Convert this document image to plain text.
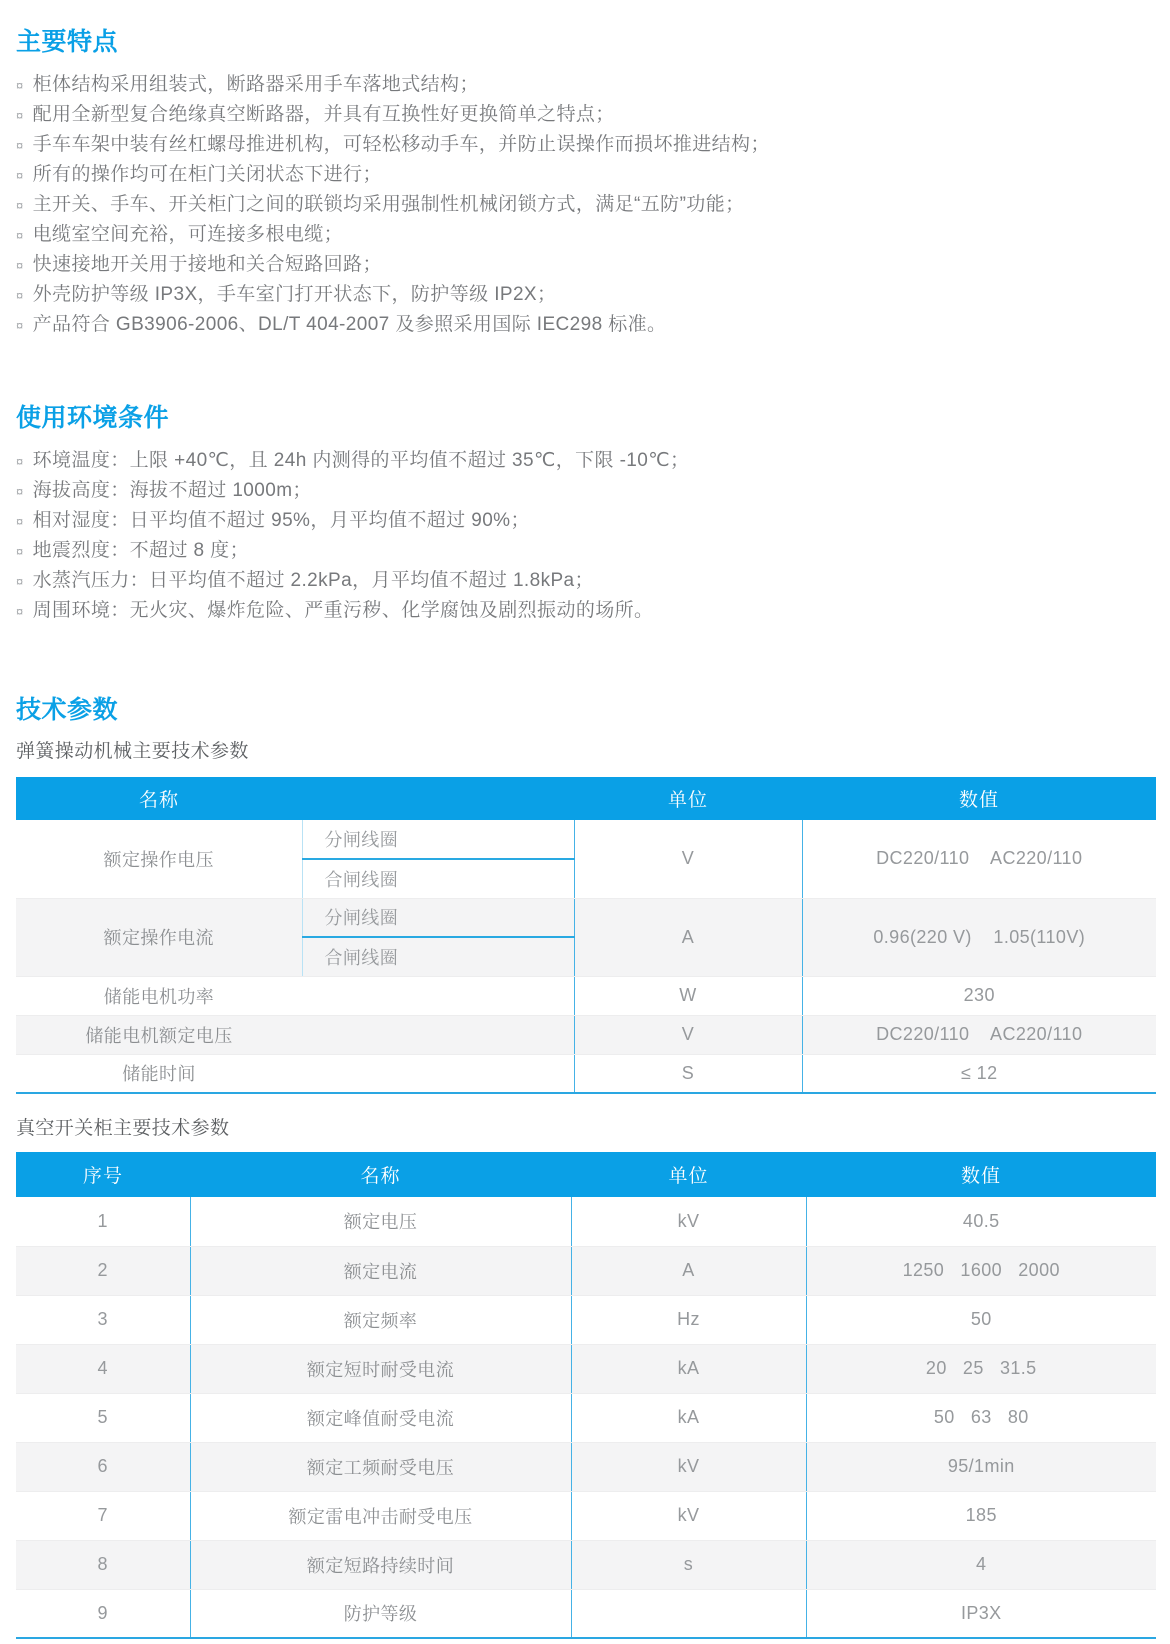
主要特点
¤ 柜体结构采用组装式，断路器采用手车落地式结构；
¤ 配用全新型复合绝缘真空断路器，并具有互换性好更换简单之特点；
¤ 手车车架中装有丝杠螺母推进机构，可轻松移动手车，并防止误操作而损坏推进结构；
¤ 所有的操作均可在柜门关闭状态下进行；
¤ 主开关、手车、开关柜门之间的联锁均采用强制性机械闭锁方式，满足“五防”功能；
¤ 电缆室空间充裕，可连接多根电缆；
¤ 快速接地开关用于接地和关合短路回路；
¤ 外壳防护等级 IP3X，手车室门打开状态下，防护等级 IP2X；
¤ 产品符合 GB3906-2006、DL/T 404-2007 及参照采用国际 IEC298 标准。
使用环境条件
¤ 环境温度：上限 +40℃，且 24h 内测得的平均值不超过 35℃，下限 -10℃；
¤ 海拔高度：海拔不超过 1000m；
¤ 相对湿度：日平均值不超过 95%，月平均值不超过 90%；
¤ 地震烈度：不超过 8 度；
¤ 水蒸汽压力：日平均值不超过 2.2kPa，月平均值不超过 1.8kPa；
¤ 周围环境：无火灾、爆炸危险、严重污秽、化学腐蚀及剧烈振动的场所。
技术参数
弹簧操动机械主要技术参数
名称		单位	数值
额定操作电压	分闸线圈	V	DC220/110    AC220/110
	合闸线圈		
额定操作电流	分闸线圈	A	0.96(220 V)    1.05(110V)
	合闸线圈		

储能电机功率		W	230

储能电机额定电压		V	DC220/110    AC220/110

储能时间		S	≤ 12
真空开关柜主要技术参数
序号	名称	单位	数值
1	额定电压	kV	40.5
2	额定电流	A	1250   1600   2000
3	额定频率	Hz	50
4	额定短时耐受电流	kA	20   25   31.5
5	额定峰值耐受电流	kA	50   63   80
6	额定工频耐受电压	kV	95/1min
7	额定雷电冲击耐受电压	kV	185
8	额定短路持续时间	s	4
9	防护等级		IP3X
